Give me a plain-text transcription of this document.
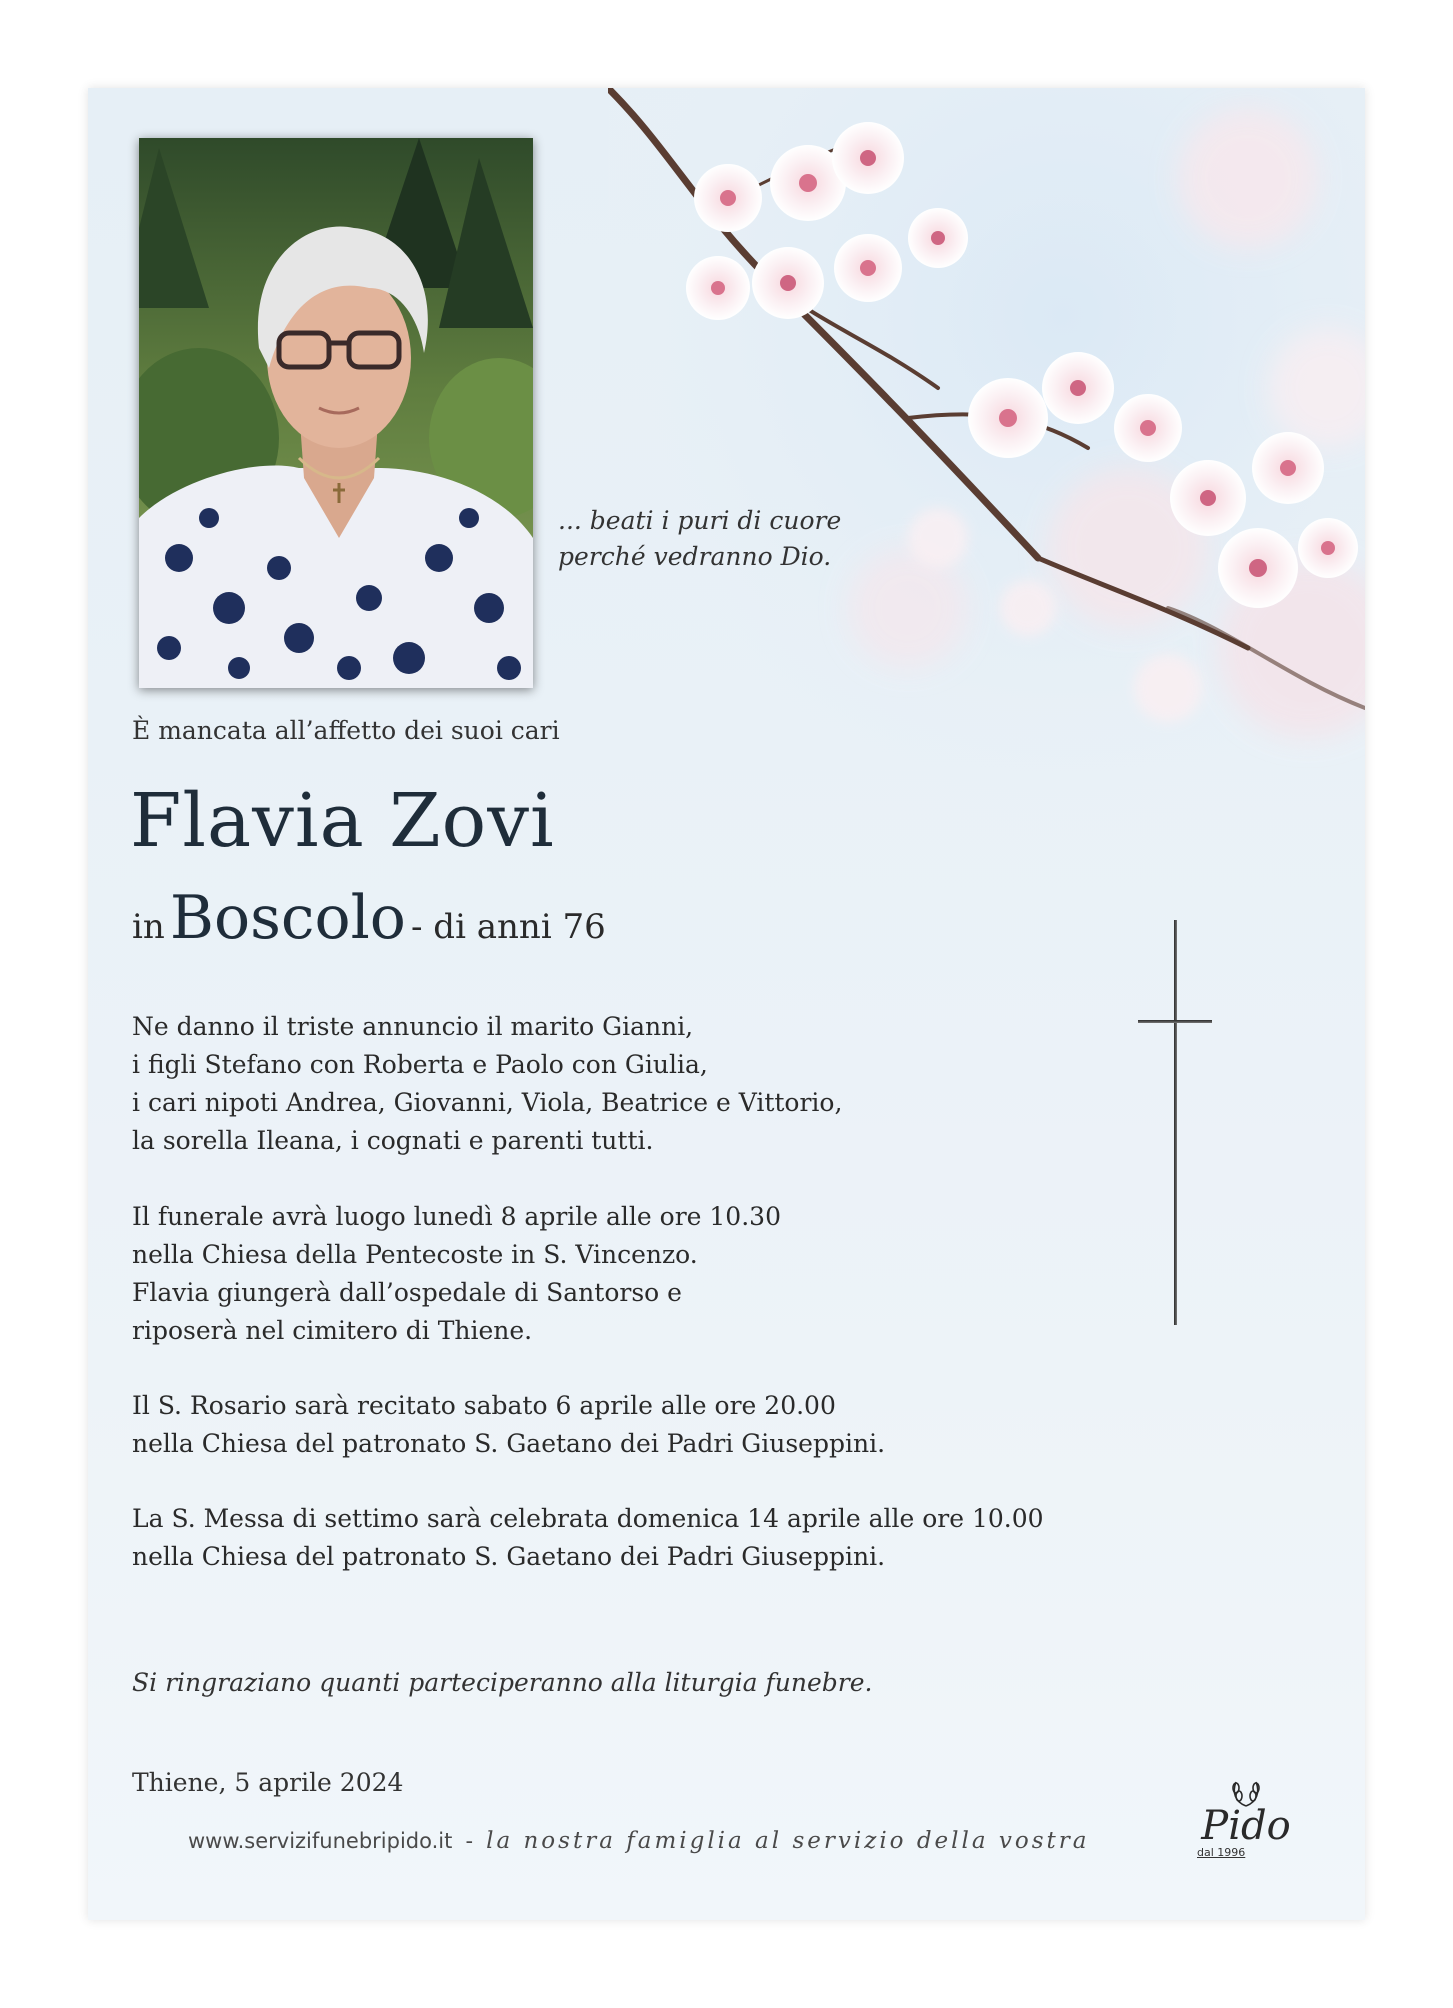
... beati i puri di cuore
perché vedranno Dio.
È mancata all’affetto dei suoi cari
Flavia Zovi
in Boscolo - di anni 76
Ne danno il triste annuncio il marito Gianni,
i figli Stefano con Roberta e Paolo con Giulia,
i cari nipoti Andrea, Giovanni, Viola, Beatrice e Vittorio,
la sorella Ileana, i cognati e parenti tutti.
Il funerale avrà luogo lunedì 8 aprile alle ore 10.30
nella Chiesa della Pentecoste in S. Vincenzo.
Flavia giungerà dall’ospedale di Santorso e
riposerà nel cimitero di Thiene.
Il S. Rosario sarà recitato sabato 6 aprile alle ore 20.00
nella Chiesa del patronato S. Gaetano dei Padri Giuseppini.
La S. Messa di settimo sarà celebrata domenica 14 aprile alle ore 10.00
nella Chiesa del patronato S. Gaetano dei Padri Giuseppini.
Si ringraziano quanti parteciperanno alla liturgia funebre.
Thiene, 5 aprile 2024
www.servizifunebripido.it - la nostra famiglia al servizio della vostra	Pido
dal 1996
